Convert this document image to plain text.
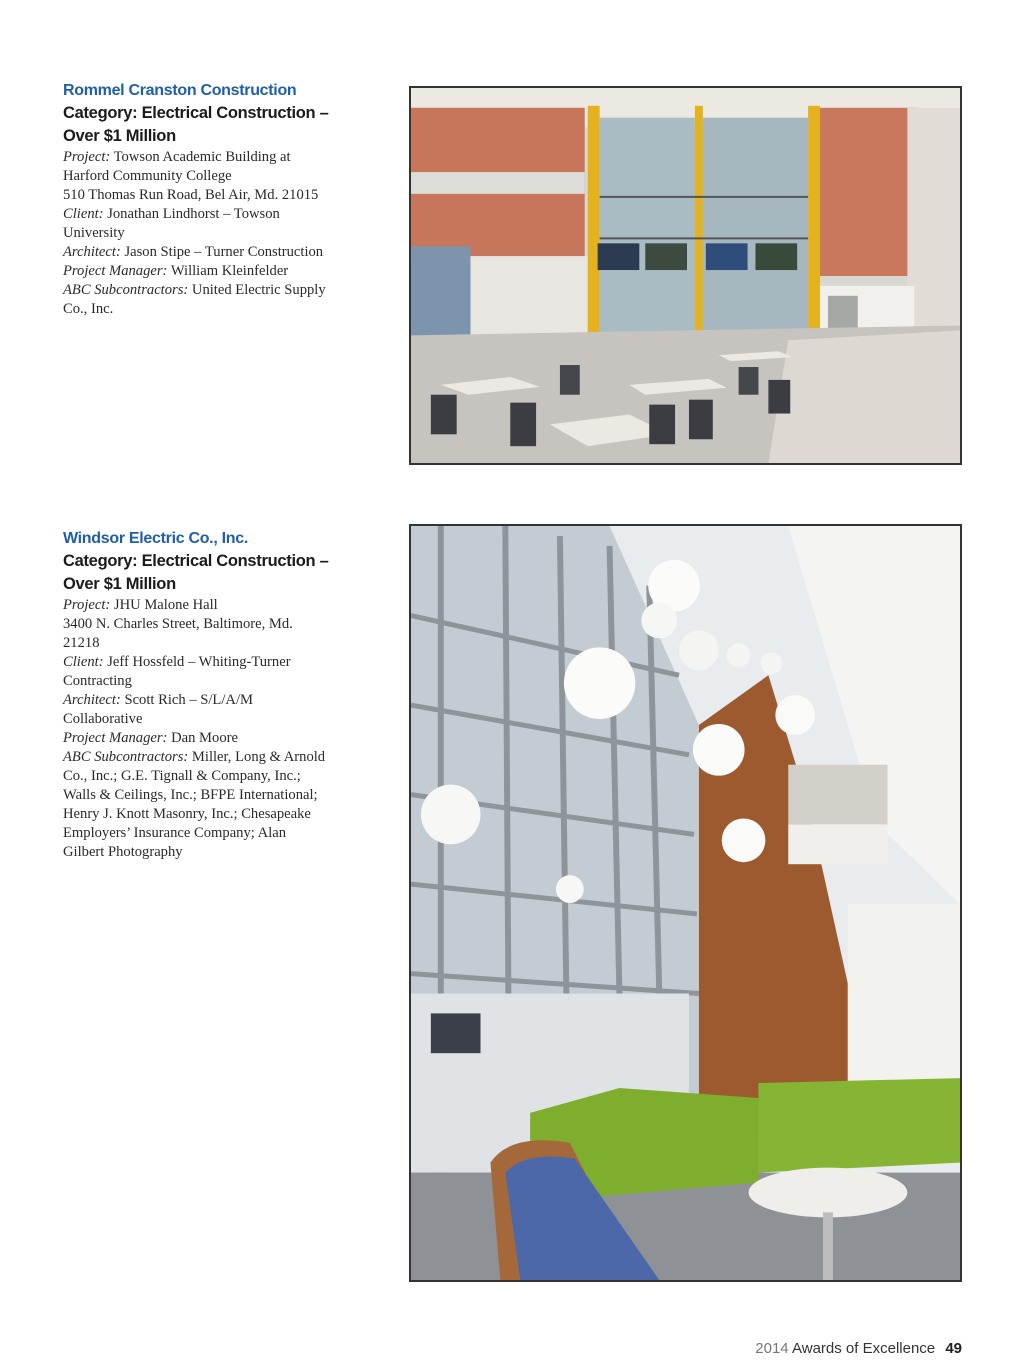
Rommel Cranston Construction
Category: Electrical Construction –
Over $1 Million
Project: Towson Academic Building at
Harford Community College
510 Thomas Run Road, Bel Air, Md. 21015
Client: Jonathan Lindhorst – Towson
University
Architect: Jason Stipe – Turner Construction
Project Manager: William Kleinfelder
ABC Subcontractors: United Electric Supply
Co., Inc.
Windsor Electric Co., Inc.
Category: Electrical Construction –
Over $1 Million
Project: JHU Malone Hall
3400 N. Charles Street, Baltimore, Md.
21218
Client: Jeff Hossfeld – Whiting-Turner
Contracting
Architect: Scott Rich – S/L/A/M
Collaborative
Project Manager: Dan Moore
ABC Subcontractors: Miller, Long & Arnold
Co., Inc.; G.E. Tignall & Company, Inc.;
Walls & Ceilings, Inc.; BFPE International;
Henry J. Knott Masonry, Inc.; Chesapeake
Employers’ Insurance Company; Alan
Gilbert Photography
2014 Awards of Excellence 49
